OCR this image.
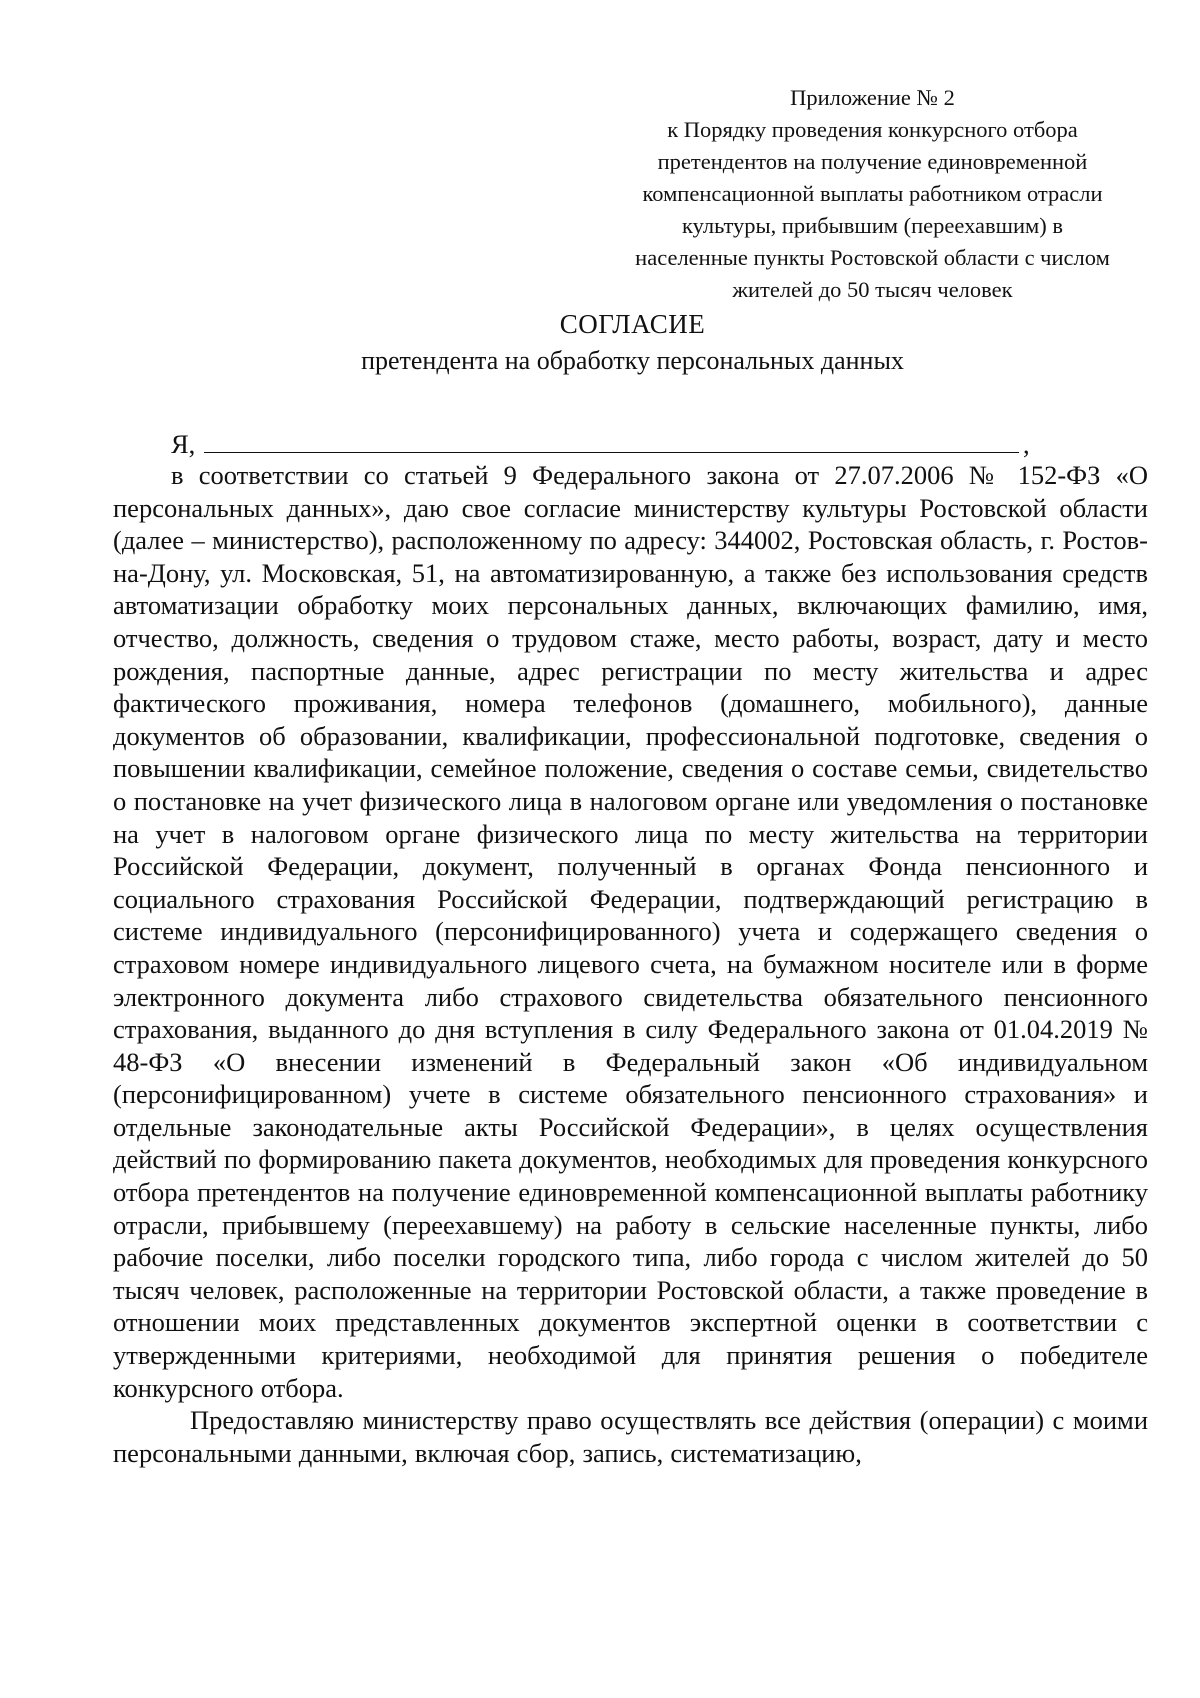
Приложение № 2
к Порядку проведения конкурсного отбора
претендентов на получение единовременной
компенсационной выплаты работником отрасли
культуры, прибывшим (переехавшим) в
населенные пункты Ростовской области с числом
жителей до 50 тысяч человек
СОГЛАСИЕ
претендента на обработку персональных данных
Я,	,

в соответствии со статьей 9 Федерального закона от 27.07.2006 № 152-ФЗ «О персональных данных», даю свое согласие министерству культуры Ростовской области (далее – министерство), расположенному по адресу: 344002, Ростовская область, г. Ростов-на-Дону, ул. Московская, 51, на автоматизированную, а также без использования средств автоматизации обработку моих персональных данных, включающих фамилию, имя, отчество, должность, сведения о трудовом стаже, место работы, возраст, дату и место рождения, паспортные данные, адрес регистрации по месту жительства и адрес фактического проживания, номера телефонов (домашнего, мобильного), данные документов об образовании, квалификации, профессиональной подготовке, сведения о повышении квалификации, семейное положение, сведения о составе семьи, свидетельство о постановке на учет физического лица в налоговом органе или уведомления о постановке на учет в налоговом органе физического лица по месту жительства на территории Российской Федерации, документ, полученный в органах Фонда пенсионного и социального страхования Российской Федерации, подтверждающий регистрацию в системе индивидуального (персонифицированного) учета и содержащего сведения о страховом номере индивидуального лицевого счета, на бумажном носителе или в форме электронного документа либо страхового свидетельства обязательного пенсионного страхования, выданного до дня вступления в силу Федерального закона от 01.04.2019 № 48-ФЗ «О внесении изменений в Федеральный закон «Об индивидуальном (персонифицированном) учете в системе обязательного пенсионного страхования» и отдельные законодательные акты Российской Федерации», в целях осуществления действий по формированию пакета документов, необходимых для проведения конкурсного отбора претендентов на получение единовременной компенсационной выплаты работнику отрасли, прибывшему (переехавшему) на работу в сельские населенные пункты, либо рабочие поселки, либо поселки городского типа, либо города с числом жителей до 50 тысяч человек, расположенные на территории Ростовской области, а также проведение в отношении моих представленных документов экспертной оценки в соответствии с утвержденными критериями, необходимой для принятия решения о победителе конкурсного отбора.

Предоставляю министерству право осуществлять все действия (операции) с моими персональными данными, включая сбор, запись, систематизацию,
